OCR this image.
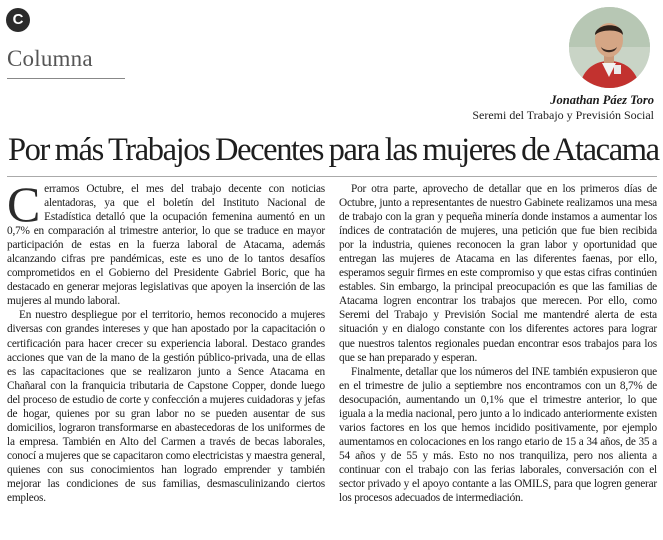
C
Columna
Jonathan Páez Toro
Seremi del Trabajo y Previsión Social
Por más Trabajos Decentes para las mujeres de Atacama

Cerramos Octubre, el mes del trabajo decente con noticias alentadoras, ya que el boletín del Instituto Nacional de Estadística detalló que la ocupación femenina aumentó en un 0,7% en comparación al trimestre anterior, lo que se traduce en mayor participación de estas en la fuerza laboral de Atacama, además alcanzando cifras pre pandémicas, este es uno de lo tantos desafíos comprometidos en el Gobierno del Presidente Gabriel Boric, que ha destacado en generar mejoras legislativas que apoyen la inserción de las mujeres al mundo laboral.

En nuestro despliegue por el territorio, hemos reconocido a mujeres diversas con grandes intereses y que han apostado por la capacitación o certificación para hacer crecer su experiencia laboral. Destaco grandes acciones que van de la mano de la gestión público-privada, una de ellas es las capacitaciones que se realizaron junto a Sence Atacama en Chañaral con la franquicia tributaria de Capstone Copper, donde luego del proceso de estudio de corte y confección a mujeres cuidadoras y jefas de hogar, quienes por su gran labor no se pueden ausentar de sus domicilios, lograron transformarse en abastecedoras de los uniformes de la empresa. También en Alto del Carmen a través de becas laborales, conocí a mujeres que se capacitaron como electricistas y maestra general, quienes con sus conocimientos han logrado emprender y también mejorar las condiciones de sus familias, desmasculinizando ciertos empleos.

Por otra parte, aprovecho de detallar que en los primeros días de Octubre, junto a representantes de nuestro Gabinete realizamos una mesa de trabajo con la gran y pequeña minería donde instamos a aumentar los índices de contratación de mujeres, una petición que fue bien recibida por la industria, quienes reconocen la gran labor y oportunidad que entregan las mujeres de Atacama en las diferentes faenas, por ello, esperamos seguir firmes en este compromiso y que estas cifras continúen estables. Sin embargo, la principal preocupación es que las familias de Atacama logren encontrar los trabajos que merecen. Por ello, como Seremi del Trabajo y Previsión Social me mantendré alerta de esta situación y en dialogo constante con los diferentes actores para lograr que nuestros talentos regionales puedan encontrar esos trabajos para los que se han preparado y esperan.

Finalmente, detallar que los números del INE también expusieron que en el trimestre de julio a septiembre nos encontramos con un 8,7% de desocupación, aumentando un 0,1% que el trimestre anterior, lo que iguala a la media nacional, pero junto a lo indicado anteriormente existen varios factores en los que hemos incidido positivamente, por ejemplo aumentamos en colocaciones en los rango etario de 15 a 34 años, de 35 a 54 años y de 55 y más. Esto no nos tranquiliza, pero nos alienta a continuar con el trabajo con las ferias laborales, conversación con el sector privado y el apoyo contante a las OMILS, para que logren generar los procesos adecuados de intermediación.
